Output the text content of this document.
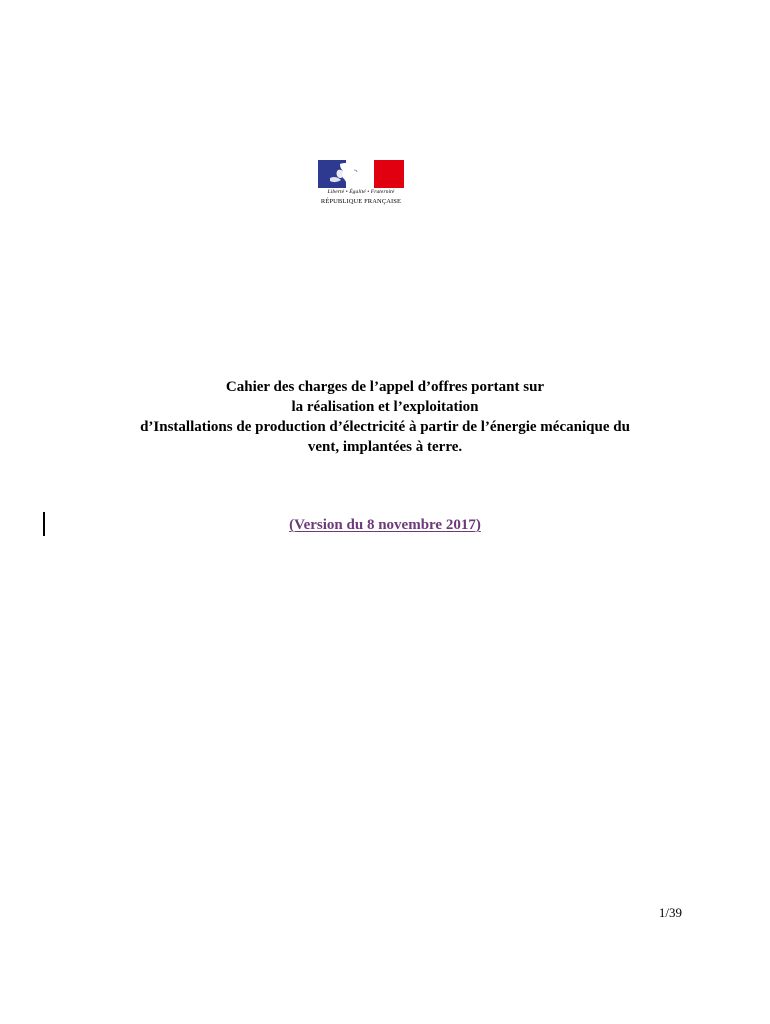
Liberté • Égalité • Fraternité
RÉPUBLIQUE FRANÇAISE
Cahier des charges de l’appel d’offres portant sur
la réalisation et l’exploitation
d’Installations de production d’électricité à partir de l’énergie mécanique du
vent, implantées à terre.
(Version du 8 novembre 2017)
1/39
